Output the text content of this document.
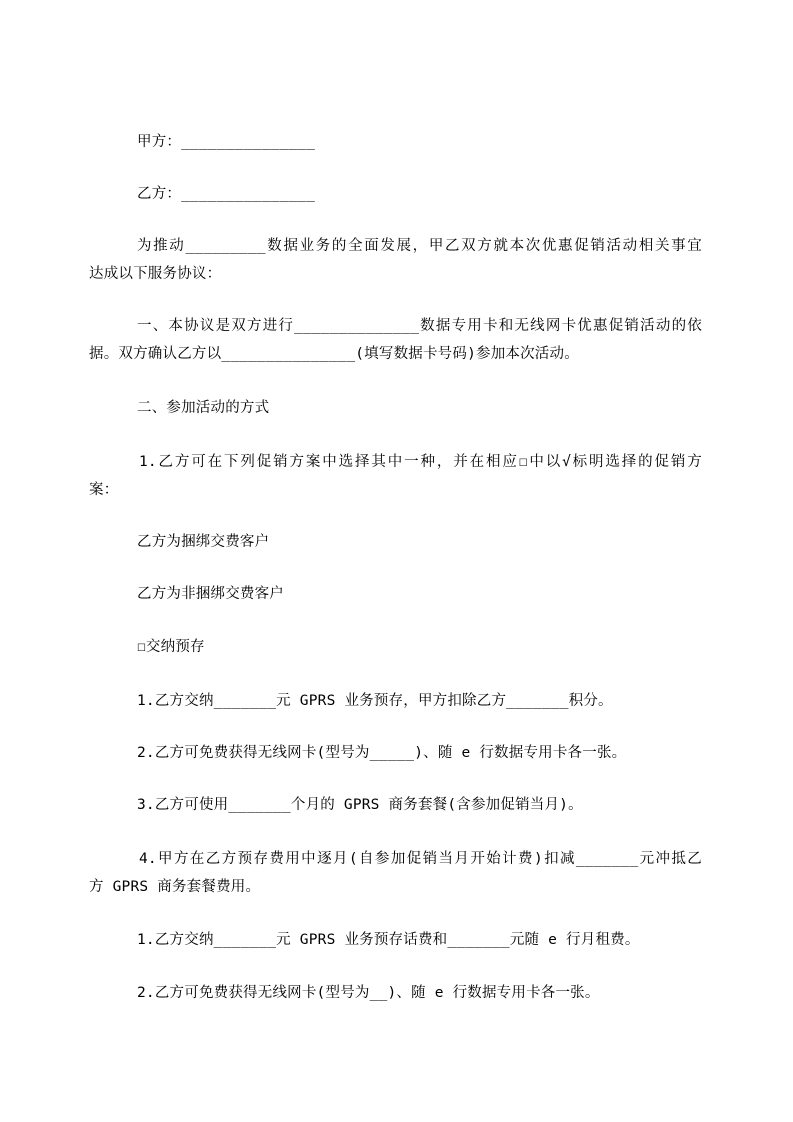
甲方：_______________

乙方：_______________

为推动_________数据业务的全面发展，甲乙双方就本次优惠促销活动相关事宜

达成以下服务协议：

一、本协议是双方进行______________数据专用卡和无线网卡优惠促销活动的依

据。双方确认乙方以_______________(填写数据卡号码)参加本次活动。

二、参加活动的方式

1.乙方可在下列促销方案中选择其中一种，并在相应☐中以√标明选择的促销方

案：

乙方为捆绑交费客户

乙方为非捆绑交费客户

☐交纳预存

1.乙方交纳_______元 GPRS 业务预存，甲方扣除乙方_______积分。

2.乙方可免费获得无线网卡(型号为_____)、随 e 行数据专用卡各一张。

3.乙方可使用_______个月的 GPRS 商务套餐(含参加促销当月)。

4.甲方在乙方预存费用中逐月(自参加促销当月开始计费)扣减_______元冲抵乙

方 GPRS 商务套餐费用。

1.乙方交纳_______元 GPRS 业务预存话费和_______元随 e 行月租费。

2.乙方可免费获得无线网卡(型号为__)、随 e 行数据专用卡各一张。
